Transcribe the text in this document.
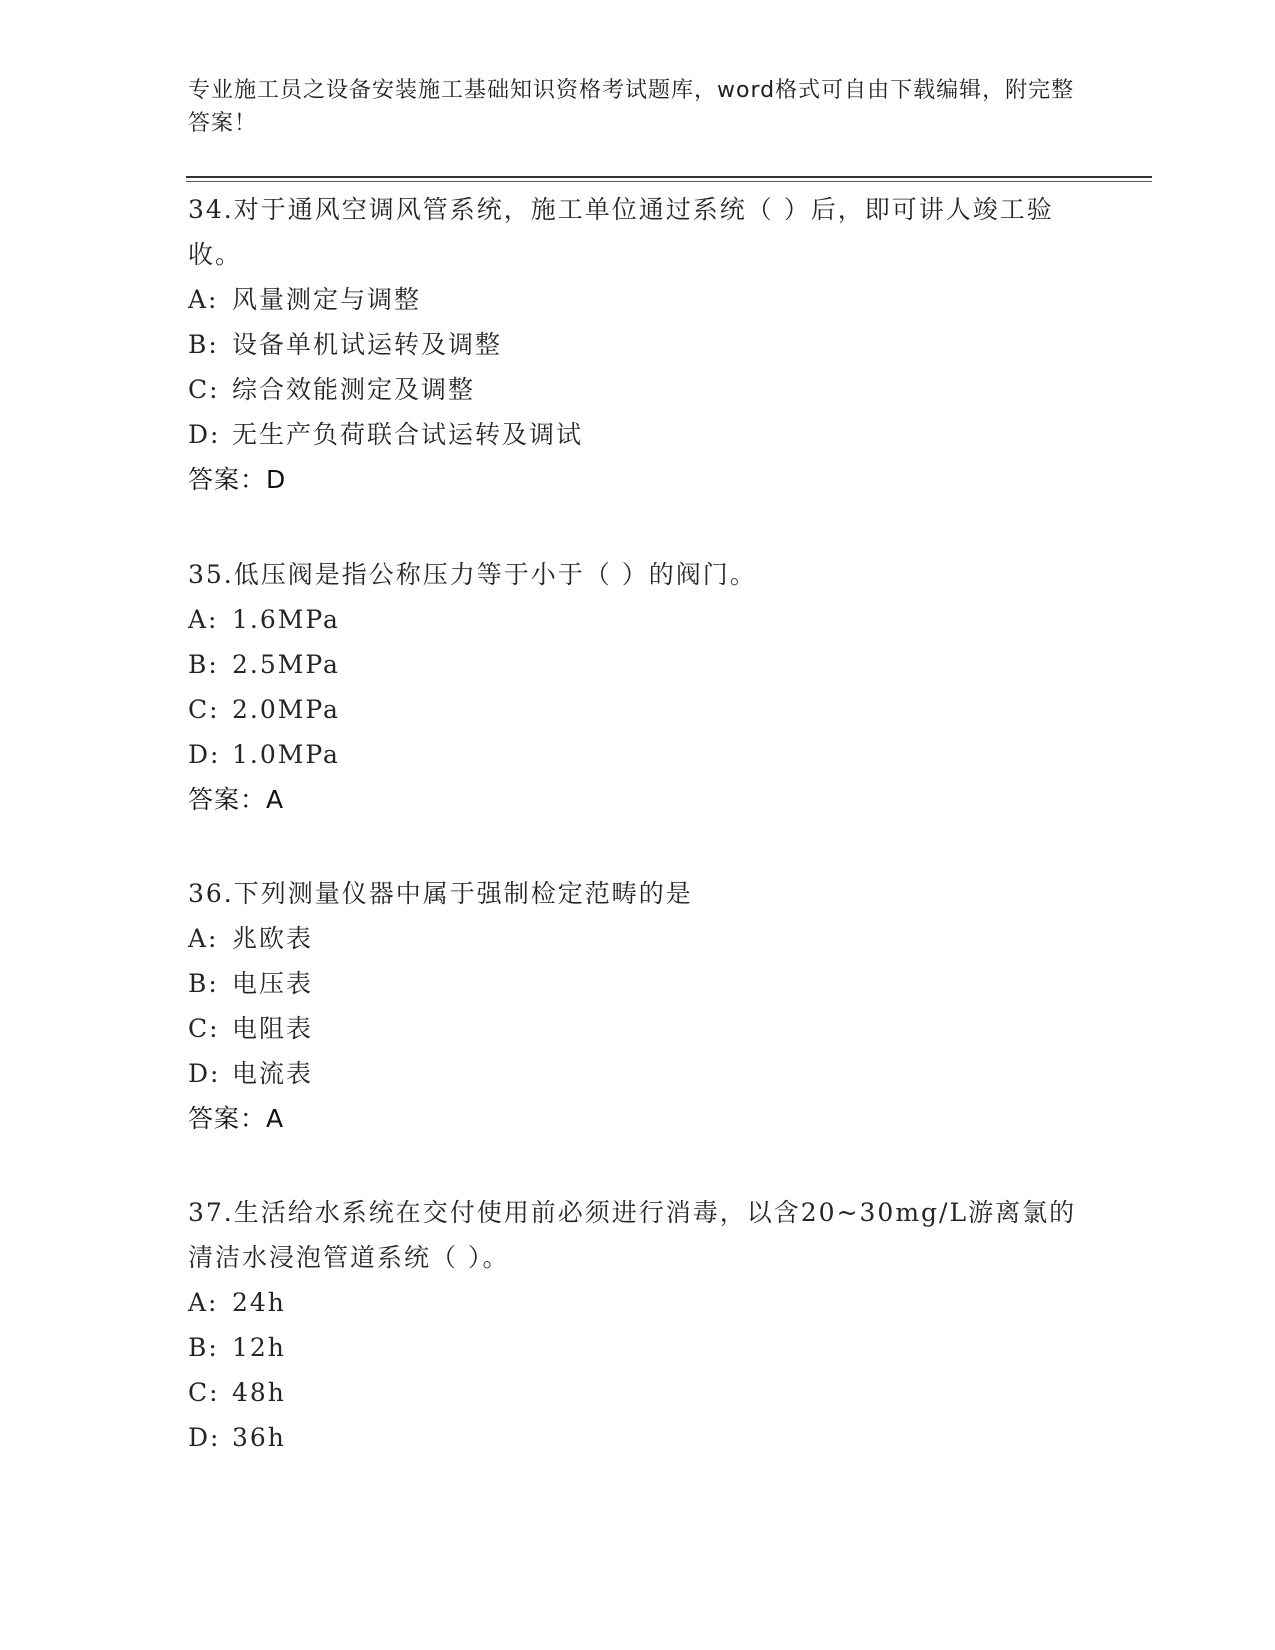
专业施工员之设备安装施工基础知识资格考试题库，word格式可自由下载编辑，附完整答案！

34.对于通风空调风管系统，施工单位通过系统（ ）后，即可讲人竣工验收。

A: 风量测定与调整
B: 设备单机试运转及调整
C: 综合效能测定及调整
D: 无生产负荷联合试运转及调试
答案：D

35.低压阀是指公称压力等于小于（ ）的阀门。

A: 1.6MPa
B: 2.5MPa
C: 2.0MPa
D: 1.0MPa
答案：A

36.下列测量仪器中属于强制检定范畴的是

A: 兆欧表
B: 电压表
C: 电阻表
D: 电流表
答案：A

37.生活给水系统在交付使用前必须进行消毒，以含20~30mg/L游离氯的清洁水浸泡管道系统（ ）。

A: 24h
B: 12h
C: 48h
D: 36h
